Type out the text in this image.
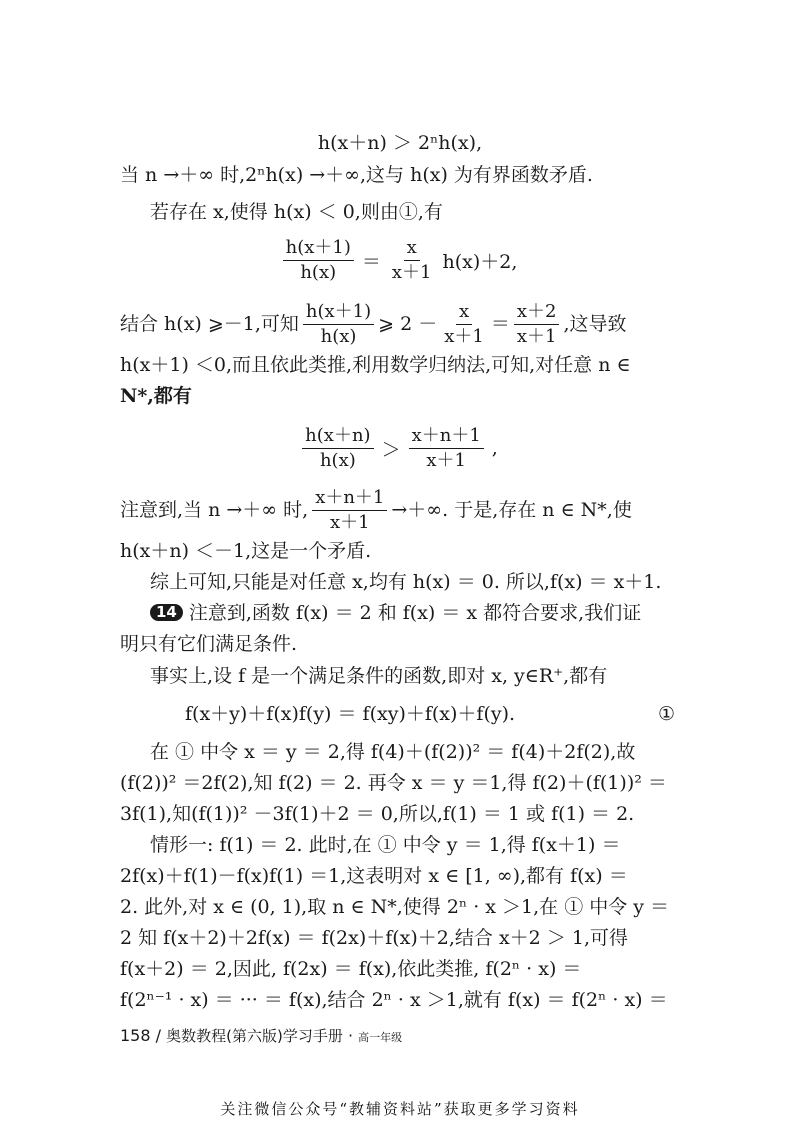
h(x＋n) ＞ 2ⁿh(x),
当 n →＋∞ 时,2ⁿh(x) →＋∞,这与 h(x) 为有界函数矛盾.
若存在 x,使得 h(x) ＜ 0,则由①,有
$\frac{h(x+1)}{h(x)} = \frac{x}{x+1} h(x)+2$,
结合 h(x) ⩾－1,可知 $\frac{h(x+1)}{h(x)}$ ⩾ $2 - \frac{x}{x+1} = \frac{x+2}{x+1}$ ,这导致
h(x＋1) ＜0,而且依此类推,利用数学归纳法,可知,对任意 n ∈
N*,都有
$\frac{h(x+n)}{h(x)} > \frac{x+n+1}{x+1}$ ,
注意到,当 n →＋∞ 时, $\frac{x+n+1}{x+1}$ →＋∞. 于是,存在 n ∈ N*,使
h(x＋n) ＜－1,这是一个矛盾.
综上可知,只能是对任意 x,均有 h(x) ＝ 0. 所以,f(x) ＝ x＋1.
14 注意到,函数 f(x) ＝ 2 和 f(x) ＝ x 都符合要求,我们证
明只有它们满足条件.
事实上,设 f 是一个满足条件的函数,即对 x, y∈R⁺,都有
f(x＋y)＋f(x)f(y) ＝ f(xy)＋f(x)＋f(y).	①
在 ① 中令 x ＝ y ＝ 2,得 f(4)＋(f(2))² ＝ f(4)＋2f(2),故
(f(2))² ＝2f(2),知 f(2) ＝ 2. 再令 x ＝ y ＝1,得 f(2)＋(f(1))² ＝
3f(1),知(f(1))² －3f(1)＋2 ＝ 0,所以,f(1) ＝ 1 或 f(1) ＝ 2.
情形一: f(1) ＝ 2. 此时,在 ① 中令 y ＝ 1,得 f(x＋1) ＝
2f(x)＋f(1)－f(x)f(1) ＝1,这表明对 x ∈ [1, ∞),都有 f(x) ＝
2. 此外,对 x ∈ (0, 1),取 n ∈ N*,使得 2ⁿ · x ＞1,在 ① 中令 y ＝
2 知 f(x＋2)＋2f(x) ＝ f(2x)＋f(x)＋2,结合 x＋2 ＞ 1,可得
f(x＋2) ＝ 2,因此, f(2x) ＝ f(x),依此类推, f(2ⁿ · x) ＝
f(2ⁿ⁻¹ · x) ＝ ··· ＝ f(x),结合 2ⁿ · x ＞1,就有 f(x) ＝ f(2ⁿ · x) ＝
158 / 奥数教程(第六版)学习手册 · 高一年级
关注微信公众号“教辅资料站”获取更多学习资料
